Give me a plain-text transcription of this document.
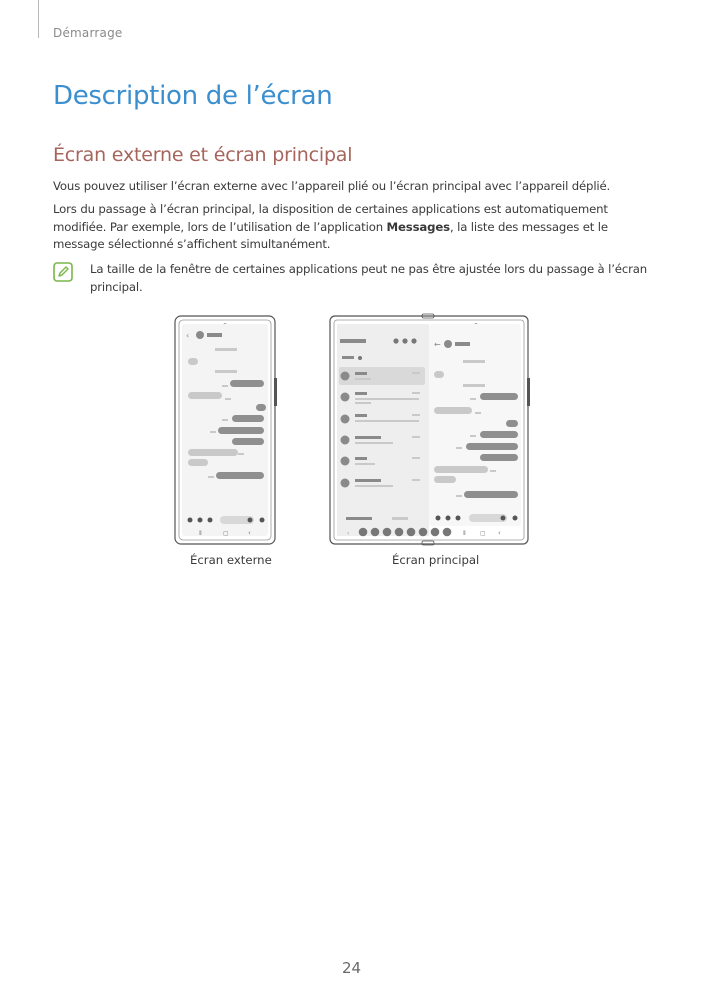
Démarrage
Description de l’écran
Écran externe et écran principal

Vous pouvez utiliser l’écran externe avec l’appareil plié ou l’écran principal avec l’appareil déplié.

Lors du passage à l’écran principal, la disposition de certaines applications est automatiquement modifiée. Par exemple, lors de l’utilisation de l’application Messages, la liste des messages et le message sélectionné s’affichent simultanément.

La taille de la fenêtre de certaines applications peut ne pas être ajustée lors du passage à l’écran principal.

‹
⦀	▢	‹
←
‹	⦀ ▢ ‹
Écran externe	Écran principal
24
